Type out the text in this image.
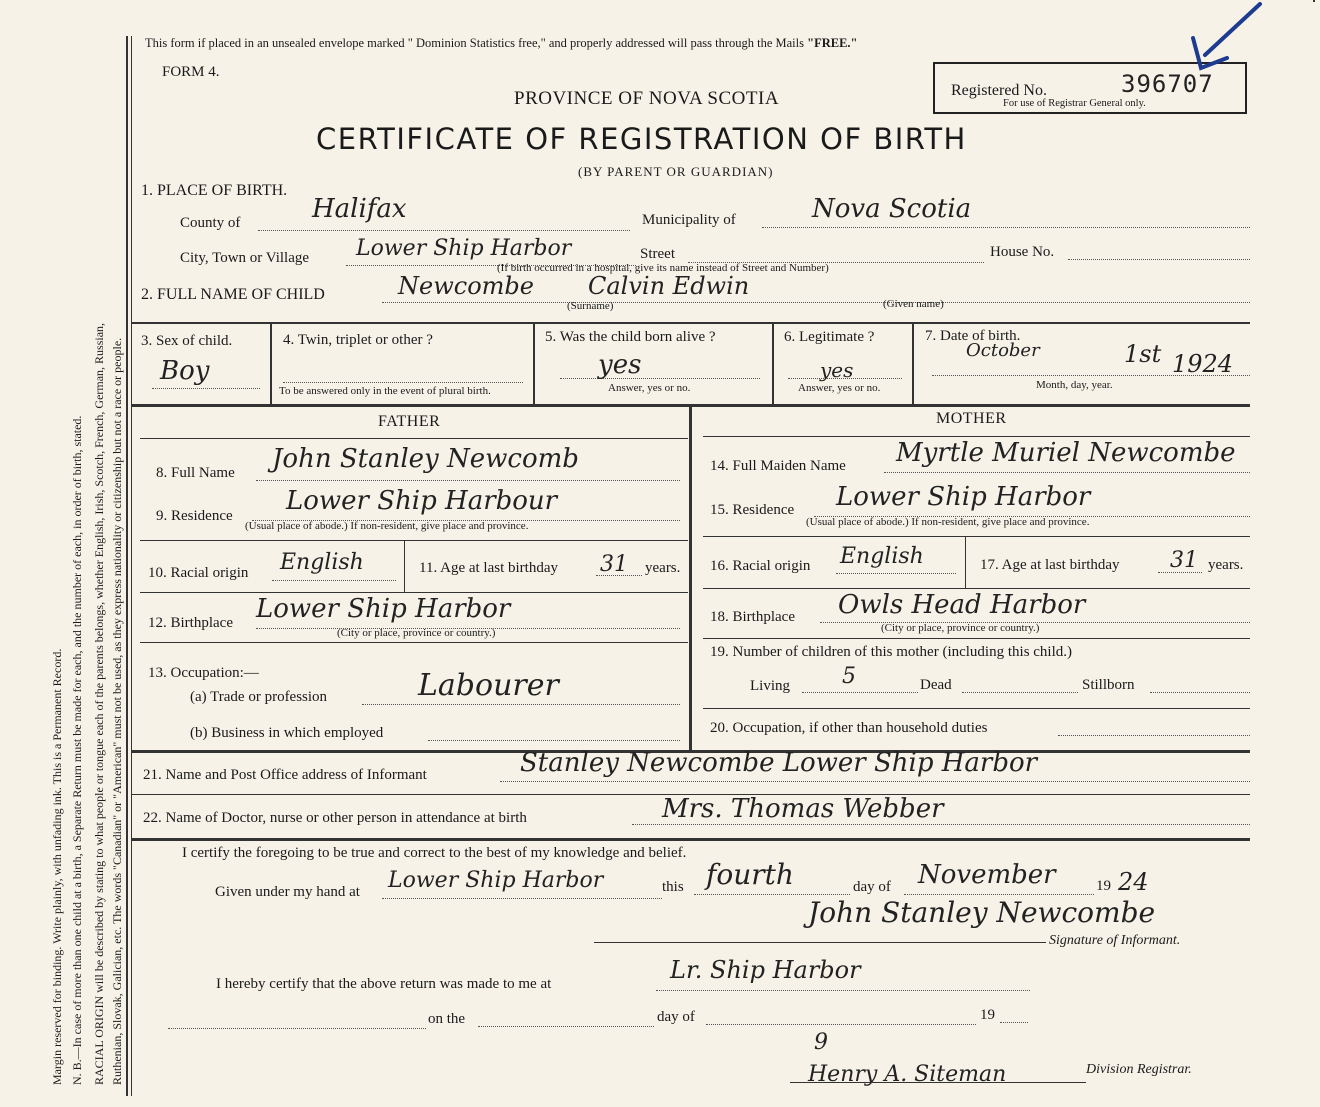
Margin reserved for binding. Write plainly, with unfading ink. This is a Permanent Record. N. B.—In case of more than one child at a birth, a Separate Return must be made for each, and the number of each, in order of birth, stated. RACIAL ORIGIN will be described by stating to what people or tongue each of the parents belongs, whether English, Irish, Scotch, French, German, Russian, Ruthenian, Slovak, Galician, etc. The words "Canadian" or "American" must not be used, as they express nationality or citizenship but not a race or people.
This form if placed in an unsealed envelope marked " Dominion Statistics free," and properly addressed will pass through the Mails "FREE."
FORM 4.
PROVINCE OF NOVA SCOTIA
CERTIFICATE OF REGISTRATION OF BIRTH
(BY PARENT OR GUARDIAN)
Registered No.
For use of Registrar General only.
396707
1. PLACE OF BIRTH.
County of	Halifax	Municipality of	Nova Scotia
City, Town or Village Lower Ship Harbor	Street	House No.
(If birth occurred in a hospital, give its name instead of Street and Number)
2. FULL NAME OF CHILD	Newcombe Calvin Edwin
(Surname)	(Given name)
3. Sex of child.
Boy
4. Twin, triplet or other ?
To be answered only in the event of plural birth.
5. Was the child born alive ?
yes
Answer, yes or no.
6. Legitimate ?
yes
Answer, yes or no.
7. Date of birth.
October	1st 1924
Month, day, year.
FATHER	MOTHER
8. Full Name John Stanley Newcomb
9. Residence Lower Ship Harbour
(Usual place of abode.) If non-resident, give place and province.
10. Racial origin English	11. Age at last birthday 31 years.
12. Birthplace Lower Ship Harbor
(City or place, province or country.)
13. Occupation:—
(a) Trade or profession	Labourer
(b) Business in which employed
14. Full Maiden Name Myrtle Muriel Newcombe
15. Residence Lower Ship Harbor
(Usual place of abode.) If non-resident, give place and province.
16. Racial origin English	17. Age at last birthday 31 years.
18. Birthplace Owls Head Harbor
(City or place, province or country.)
19. Number of children of this mother (including this child.)
Living 5	Dead	Stillborn
20. Occupation, if other than household duties
21. Name and Post Office address of Informant	Stanley Newcombe Lower Ship Harbor
22. Name of Doctor, nurse or other person in attendance at birth	Mrs. Thomas Webber
I certify the foregoing to be true and correct to the best of my knowledge and belief.
Given under my hand at Lower Ship Harbor	this fourth	day of November	19 24
John Stanley Newcombe
Signature of Informant.
I hereby certify that the above return was made to me at	Lr. Ship Harbor
on the	day of	19
9
Henry A. Siteman	Division Registrar.
